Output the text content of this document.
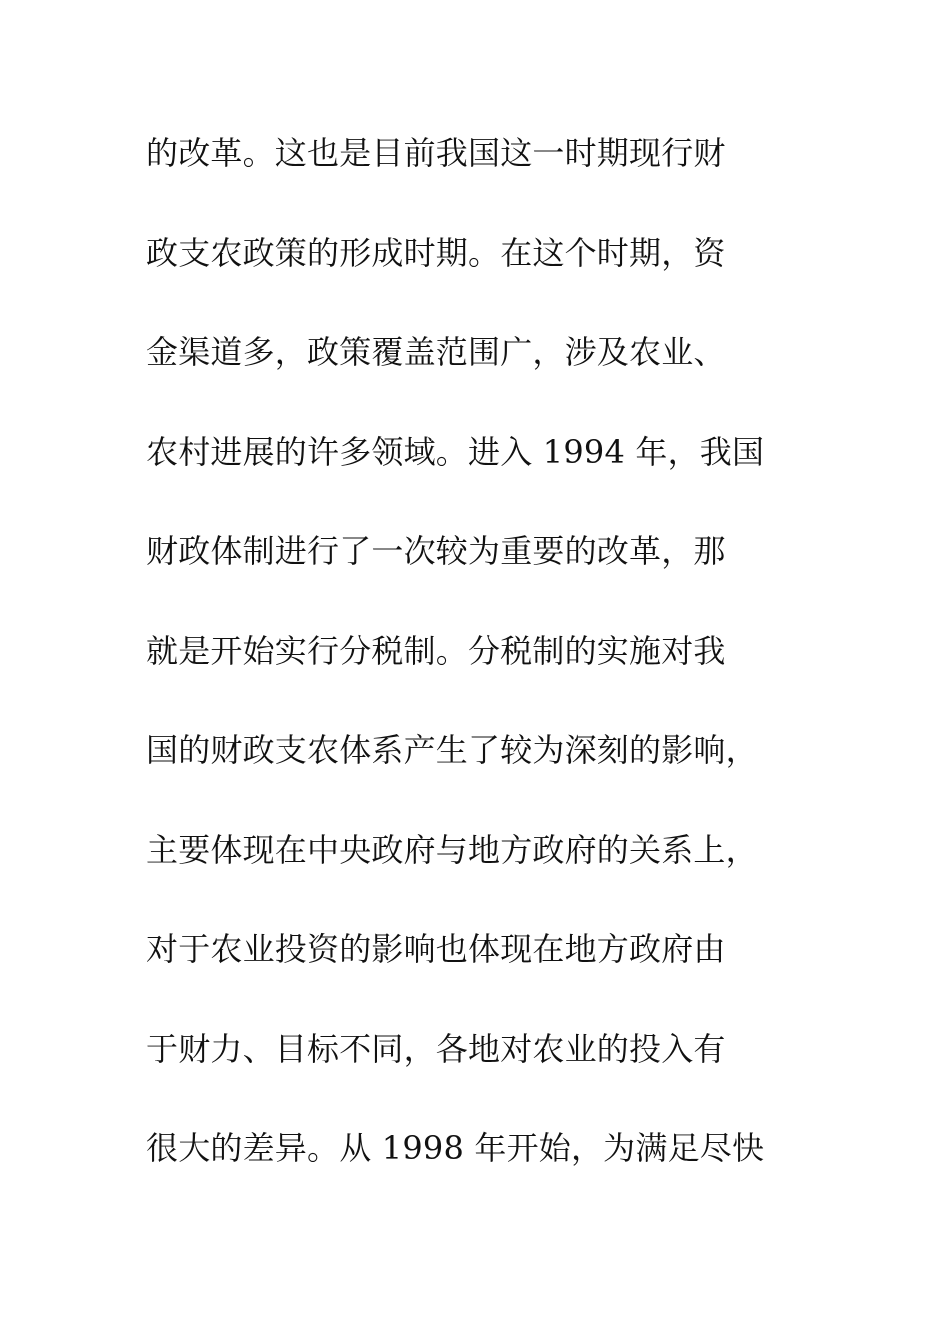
的改革。这也是目前我国这一时期现行财
政支农政策的形成时期。在这个时期，资
金渠道多，政策覆盖范围广，涉及农业、
农村进展的许多领域。进入 1994 年，我国
财政体制进行了一次较为重要的改革，那
就是开始实行分税制。分税制的实施对我
国的财政支农体系产生了较为深刻的影响，
主要体现在中央政府与地方政府的关系上，
对于农业投资的影响也体现在地方政府由
于财力、目标不同，各地对农业的投入有
很大的差异。从 1998 年开始，为满足尽快
